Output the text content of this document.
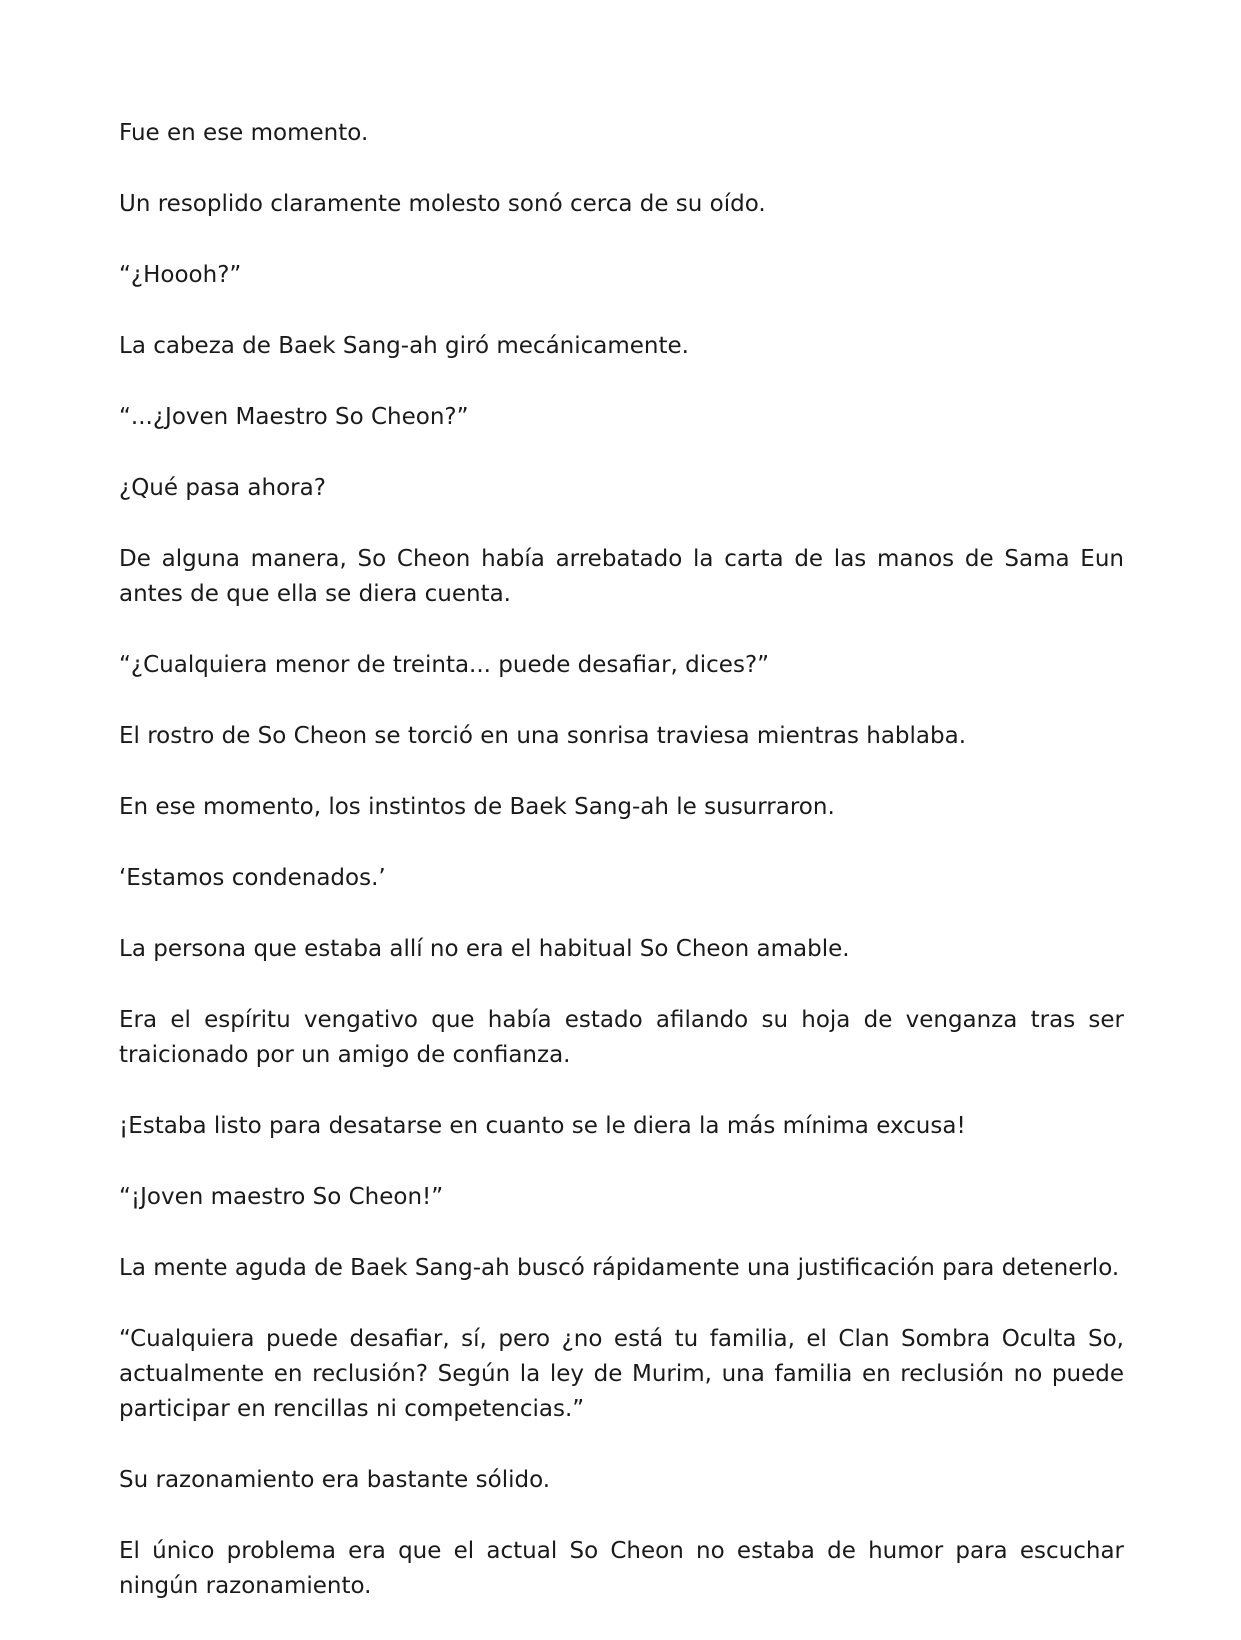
Fue en ese momento.

Un resoplido claramente molesto sonó cerca de su oído.

“¿Hoooh?”

La cabeza de Baek Sang-ah giró mecánicamente.

“...¿Joven Maestro So Cheon?”

¿Qué pasa ahora?

De alguna manera, So Cheon había arrebatado la carta de las manos de Sama Eun antes de que ella se diera cuenta.

“¿Cualquiera menor de treinta... puede desafiar, dices?”

El rostro de So Cheon se torció en una sonrisa traviesa mientras hablaba.

En ese momento, los instintos de Baek Sang-ah le susurraron.

‘Estamos condenados.’

La persona que estaba allí no era el habitual So Cheon amable.

Era el espíritu vengativo que había estado afilando su hoja de venganza tras ser traicionado por un amigo de confianza.

¡Estaba listo para desatarse en cuanto se le diera la más mínima excusa!

“¡Joven maestro So Cheon!”

La mente aguda de Baek Sang-ah buscó rápidamente una justificación para detenerlo.

“Cualquiera puede desafiar, sí, pero ¿no está tu familia, el Clan Sombra Oculta So, actualmente en reclusión? Según la ley de Murim, una familia en reclusión no puede participar en rencillas ni competencias.”

Su razonamiento era bastante sólido.

El único problema era que el actual So Cheon no estaba de humor para escuchar ningún razonamiento.
